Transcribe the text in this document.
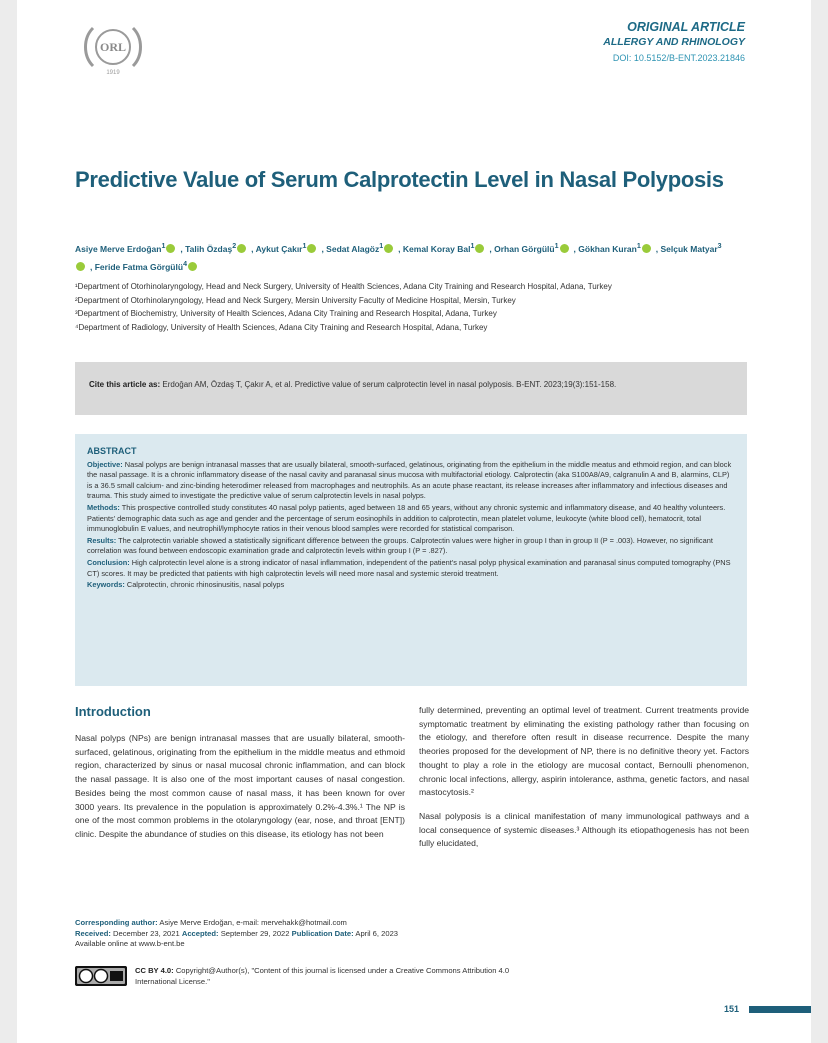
ORL
1919
ORIGINAL ARTICLE
ALLERGY AND RHINOLOGY
DOI: 10.5152/B-ENT.2023.21846
Predictive Value of Serum Calprotectin Level in Nasal Polyposis
Asiye Merve Erdoğan$^1$ , Talih Özdaş$^2$ , Aykut Çakır$^1$ , Sedat Alagöz$^1$ , Kemal Koray Bal$^1$ , Orhan Görgülü$^1$ , Gökhan Kuran$^1$ , Selçuk Matyar$^3$, Feride Fatma Görgülü$^4$
¹Department of Otorhinolaryngology, Head and Neck Surgery, University of Health Sciences, Adana City Training and Research Hospital, Adana, Turkey
²Department of Otorhinolaryngology, Head and Neck Surgery, Mersin University Faculty of Medicine Hospital, Mersin, Turkey
³Department of Biochemistry, University of Health Sciences, Adana City Training and Research Hospital, Adana, Turkey
⁴Department of Radiology, University of Health Sciences, Adana City Training and Research Hospital, Adana, Turkey
Cite this article as: Erdoğan AM, Özdaş T, Çakır A, et al. Predictive value of serum calprotectin level in nasal polyposis. B-ENT. 2023;19(3):151-158.
ABSTRACT
Objective: Nasal polyps are benign intranasal masses that are usually bilateral, smooth-surfaced, gelatinous, originating from the epithelium in the middle meatus and ethmoid region, and can block the nasal passage. It is a chronic inflammatory disease of the nasal cavity and paranasal sinus mucosa with multifactorial etiology. Calprotectin (aka S100A8/A9, calgranulin A and B, alarmins, CLP) is a 36.5 small calcium- and zinc-binding heterodimer released from macrophages and neutrophils. As an acute phase reactant, its release increases after inflammatory and infectious diseases and trauma. This study aimed to investigate the predictive value of serum calprotectin levels in nasal polyps.
Methods: This prospective controlled study constitutes 40 nasal polyp patients, aged between 18 and 65 years, without any chronic systemic and inflammatory disease, and 40 healthy volunteers. Patients' demographic data such as age and gender and the percentage of serum eosinophils in addition to calprotectin, mean platelet volume, leukocyte (white blood cell), hematocrit, total immunoglobulin E values, and neutrophil/lymphocyte ratios in their venous blood samples were recorded for statistical comparison.
Results: The calprotectin variable showed a statistically significant difference between the groups. Calprotectin values were higher in group I than in group II (P = .003). However, no significant correlation was found between endoscopic examination grade and calprotectin levels within group I (P = .827).
Conclusion: High calprotectin level alone is a strong indicator of nasal inflammation, independent of the patient's nasal polyp physical examination and paranasal sinus computed tomography (PNS CT) scores. It may be predicted that patients with high calprotectin levels will need more nasal and systemic steroid treatment.
Keywords: Calprotectin, chronic rhinosinusitis, nasal polyps
Introduction

Nasal polyps (NPs) are benign intranasal masses that are usually bilateral, smooth-surfaced, gelatinous, originating from the epithelium in the middle meatus and ethmoid region, characterized by sinus or nasal mucosal chronic inflammation, and can block the nasal passage. It is also one of the most important causes of nasal congestion. Besides being the most common cause of nasal mass, it has been known for over 3000 years. Its prevalence in the population is approximately 0.2%-4.3%.¹ The NP is one of the most common problems in the otolaryngology (ear, nose, and throat [ENT]) clinic. Despite the abundance of studies on this disease, its etiology has not been

fully determined, preventing an optimal level of treatment. Current treatments provide symptomatic treatment by eliminating the existing pathology rather than focusing on the etiology, and therefore often result in disease recurrence. Despite the many theories proposed for the development of NP, there is no definitive theory yet. Factors thought to play a role in the etiology are mucosal contact, Bernoulli phenomenon, chronic local infections, allergy, aspirin intolerance, asthma, genetic factors, and nasal mastocytosis.²

Nasal polyposis is a clinical manifestation of many immunological pathways and a local consequence of systemic diseases.³ Although its etiopathogenesis has not been fully elucidated,

Corresponding author: Asiye Merve Erdoğan, e-mail: mervehakk@hotmail.com
Received: December 23, 2021 Accepted: September 29, 2022 Publication Date: April 6, 2023
Available online at www.b-ent.be
CC BY 4.0: Copyright@Author(s), "Content of this journal is licensed under a Creative Commons Attribution 4.0 International License."
151
